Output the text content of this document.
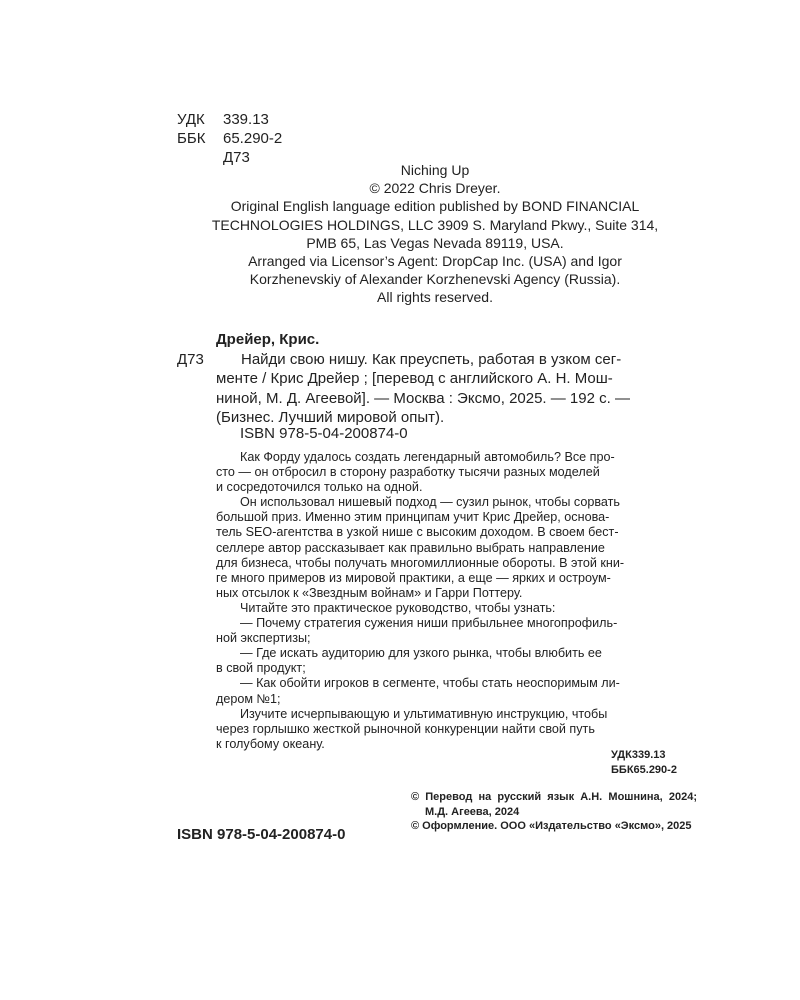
УДК	339.13
ББК	65.290-2
Д73
Niching Up
© 2022 Chris Dreyer.
Original English language edition published by BOND FINANCIAL
TECHNOLOGIES HOLDINGS, LLC 3909 S. Maryland Pkwy., Suite 314,
PMB 65, Las Vegas Nevada 89119, USA.
Arranged via Licensor’s Agent: DropCap Inc. (USA) and Igor
Korzhenevskiy of Alexander Korzhenevski Agency (Russia).
All rights reserved.
Дрейер, Крис.
Д73	Найди свою нишу. Как преуспеть, работая в узком сег-
менте / Крис Дрейер ; [перевод с английского А. Н. Мош-
ниной, М. Д. Агеевой]. — Москва : Эксмо, 2025. — 192 с. —
(Бизнес. Лучший мировой опыт).
ISBN 978-5-04-200874-0

Как Форду удалось создать легендарный автомобиль? Все про-

сто — он отбросил в сторону разработку тысячи разных моделей

и сосредоточился только на одной.

Он использовал нишевый подход — сузил рынок, чтобы сорвать

большой приз. Именно этим принципам учит Крис Дрейер, основа-

тель SEO-агентства в узкой нише с высоким доходом. В своем бест-

селлере автор рассказывает как правильно выбрать направление

для бизнеса, чтобы получать многомиллионные обороты. В этой кни-

ге много примеров из мировой практики, а еще — ярких и остроум-

ных отсылок к «Звездным войнам» и Гарри Поттеру.

Читайте это практическое руководство, чтобы узнать:

— Почему стратегия сужения ниши прибыльнее многопрофиль-

ной экспертизы;

— Где искать аудиторию для узкого рынка, чтобы влюбить ее

в свой продукт;

— Как обойти игроков в сегменте, чтобы стать неоспоримым ли-

дером №1;

Изучите исчерпывающую и ультимативную инструкцию, чтобы

через горлышко жесткой рыночной конкуренции найти свой путь

к голубому океану.

УДК339.13
ББК65.290-2

© Перевод на русский язык А.Н. Мошнина, 2024; М.Д. Агеева, 2024

© Оформление. ООО «Издательство «Эксмо», 2025

ISBN 978-5-04-200874-0
